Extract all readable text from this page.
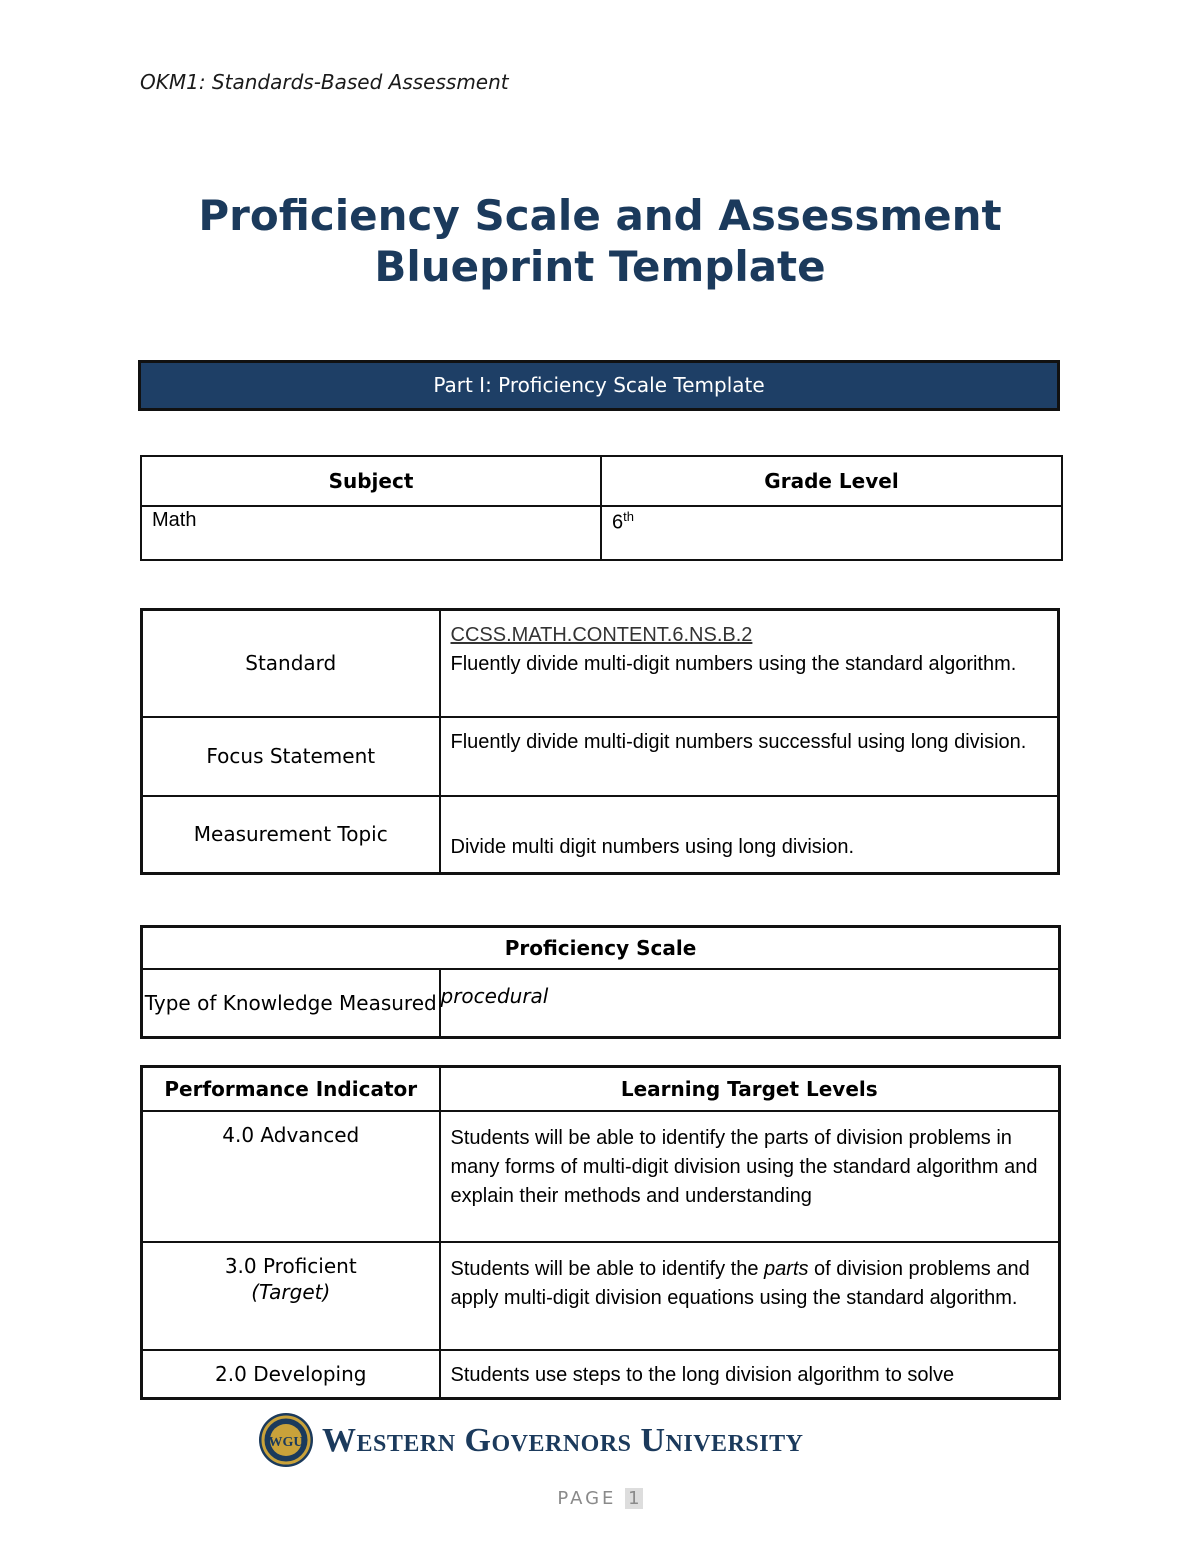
OKM1: Standards-Based Assessment
Proficiency Scale and Assessment
Blueprint Template
Part I: Proficiency Scale Template
Subject	Grade Level
Math	6th
Standard	CCSS.MATH.CONTENT.6.NS.B.2
Fluently divide multi-digit numbers using the standard algorithm.
Focus Statement	Fluently divide multi-digit numbers successful using long division.
Measurement Topic	Divide multi digit numbers using long division.
Proficiency Scale
Type of Knowledge Measured	procedural
Performance Indicator	Learning Target Levels
4.0 Advanced	Students will be able to identify the parts of division problems in many forms of multi-digit division using the standard algorithm and explain their methods and understanding
3.0 Proficient
(Target)	Students will be able to identify the parts of division problems and apply multi-digit division equations using the standard algorithm.
2.0 Developing	Students use steps to the long division algorithm to solve
WGU Western Governors University
PAGE 1
